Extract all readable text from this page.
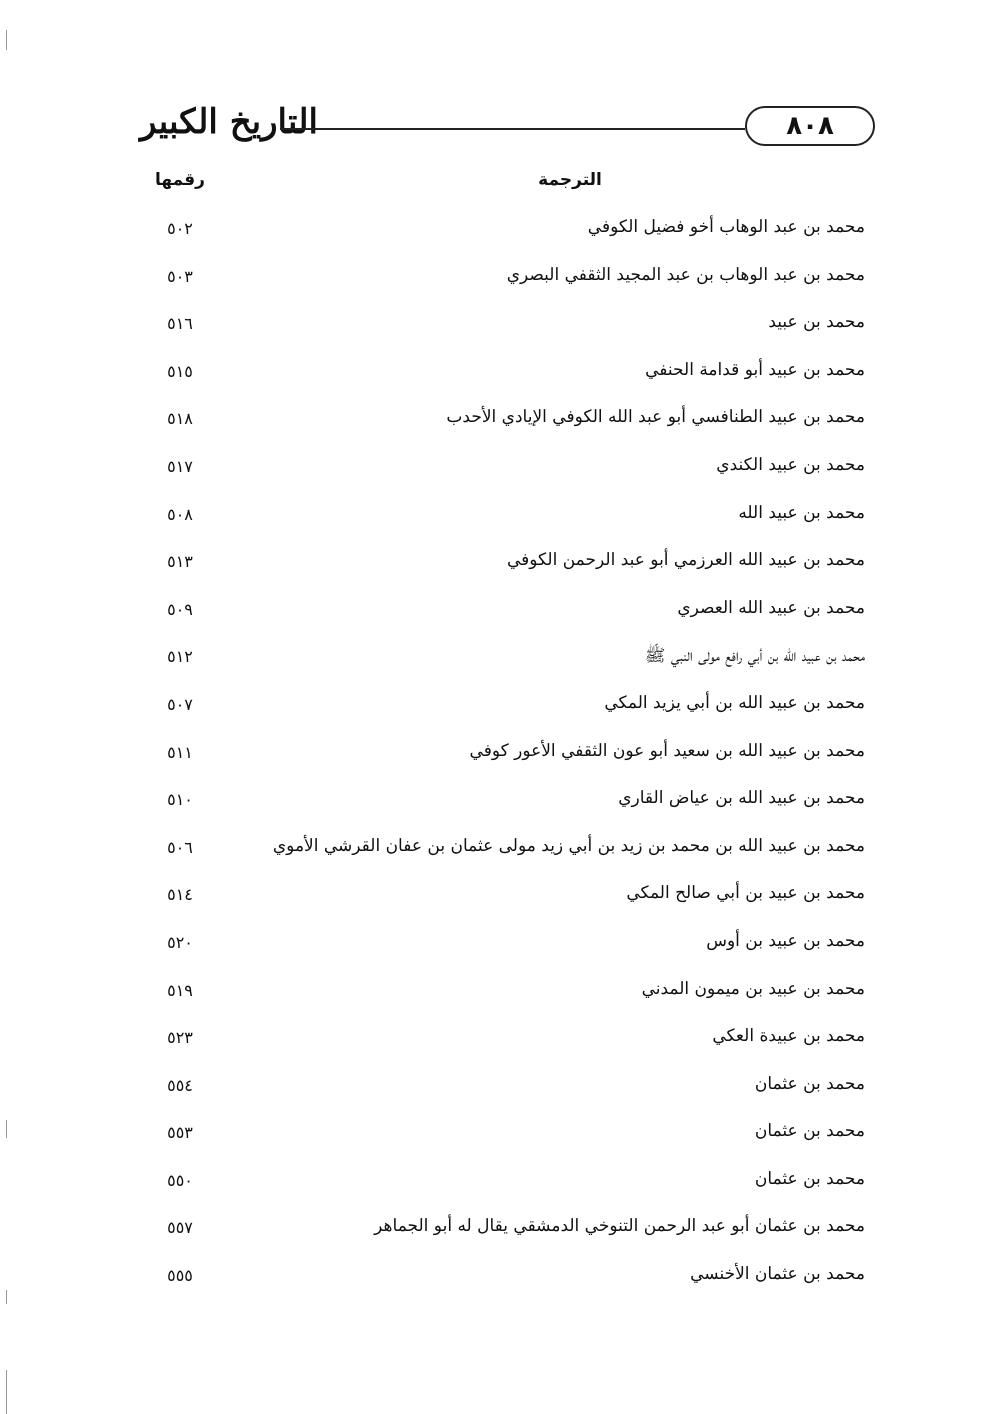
التاريخ الكبير	٨٠٨
الترجمة
رقمها
محمد بن عبد الوهاب أخو فضيل الكوفي
٥٠٢
محمد بن عبد الوهاب بن عبد المجيد الثقفي البصري
٥٠٣
محمد بن عبيد
٥١٦
محمد بن عبيد أبو قدامة الحنفي
٥١٥
محمد بن عبيد الطنافسي أبو عبد الله الكوفي الإيادي الأحدب
٥١٨
محمد بن عبيد الكندي
٥١٧
محمد بن عبيد الله
٥٠٨
محمد بن عبيد الله العرزمي أبو عبد الرحمن الكوفي
٥١٣
محمد بن عبيد الله العصري
٥٠٩
محمد بن عبيد الله بن أبي رافع مولى النبي ﷺ
٥١٢
محمد بن عبيد الله بن أبي يزيد المكي
٥٠٧
محمد بن عبيد الله بن سعيد أبو عون الثقفي الأعور كوفي
٥١١
محمد بن عبيد الله بن عياض القاري
٥١٠
محمد بن عبيد الله بن محمد بن زيد بن أبي زيد مولى عثمان بن عفان القرشي الأموي
٥٠٦
محمد بن عبيد بن أبي صالح المكي
٥١٤
محمد بن عبيد بن أوس
٥٢٠
محمد بن عبيد بن ميمون المدني
٥١٩
محمد بن عبيدة العكي
٥٢٣
محمد بن عثمان
٥٥٤
محمد بن عثمان
٥٥٣
محمد بن عثمان
٥٥٠
محمد بن عثمان أبو عبد الرحمن التنوخي الدمشقي يقال له أبو الجماهر
٥٥٧
محمد بن عثمان الأخنسي
٥٥٥
